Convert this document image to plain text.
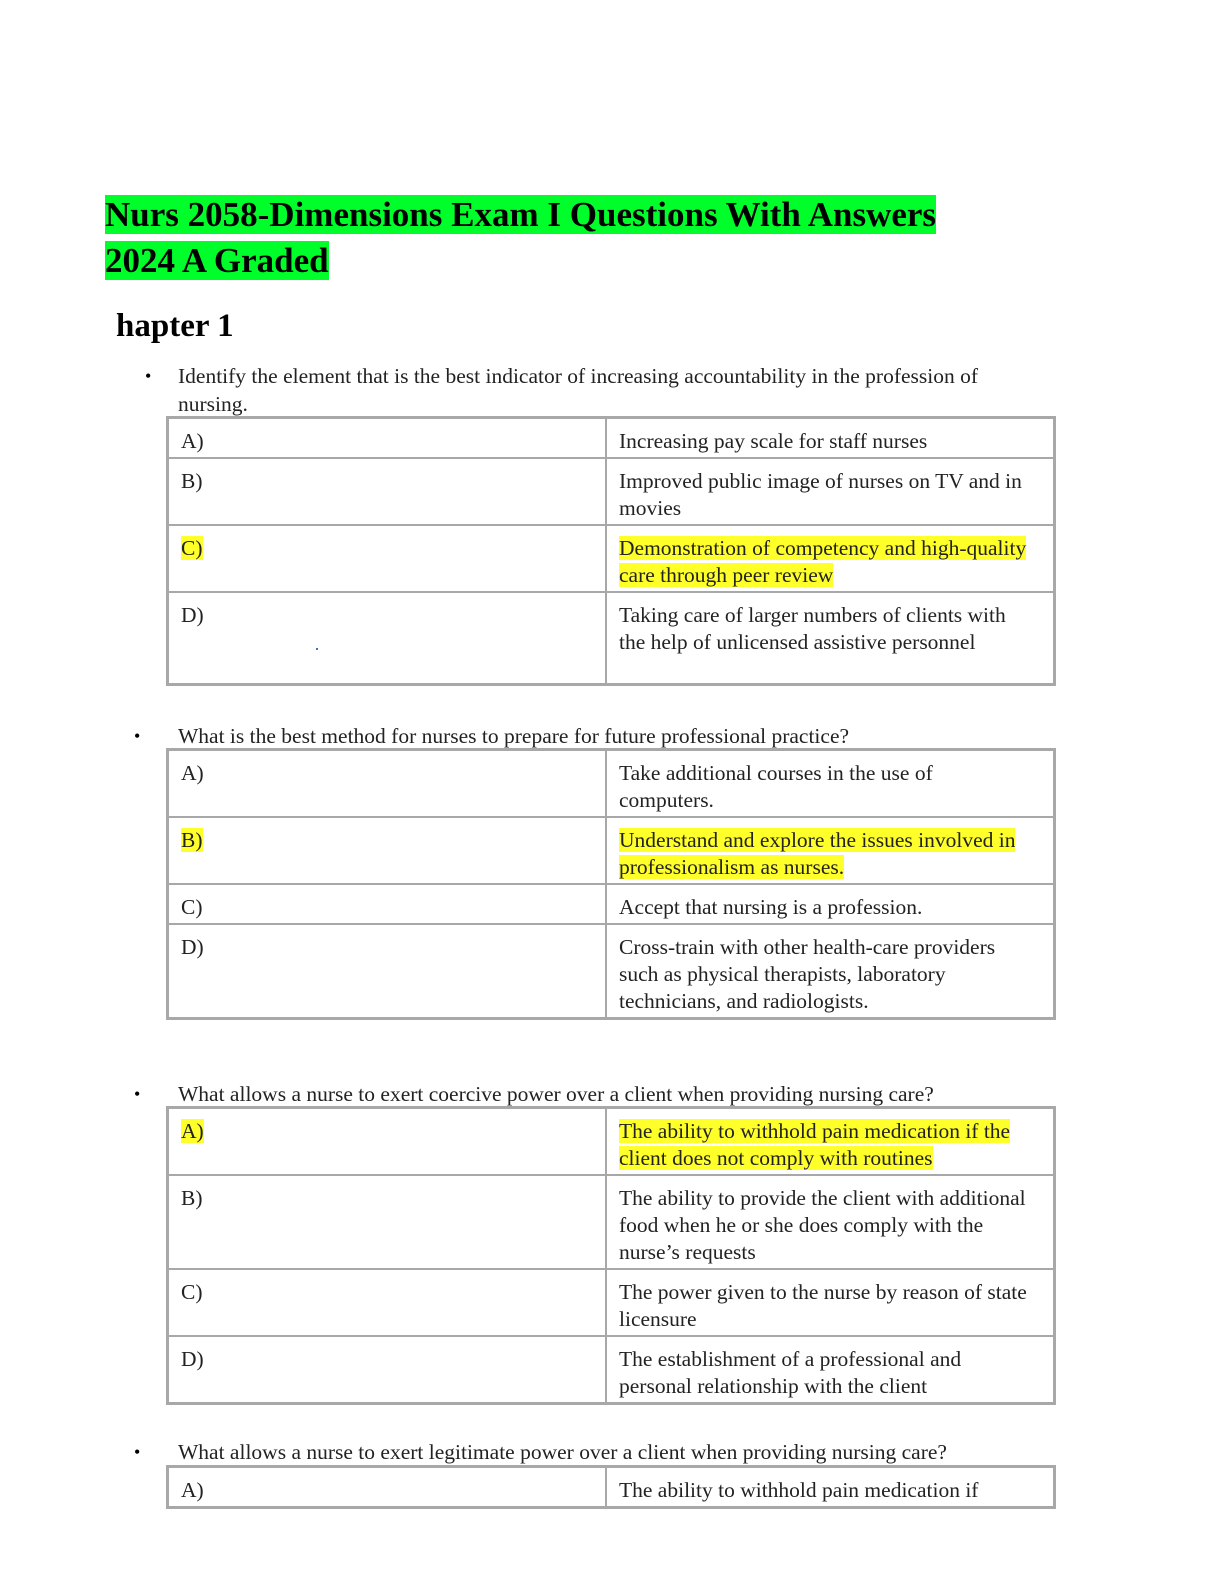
Nurs 2058-Dimensions Exam I Questions With Answers
2024 A Graded
hapter 1
• Identify the element that is the best indicator of increasing accountability in the profession of nursing.
A)	Increasing pay scale for staff nurses
B)	Improved public image of nurses on TV and in movies
C)	Demonstration of competency and high-quality care through peer review
D)	Taking care of larger numbers of clients with the help of unlicensed assistive personnel
• What is the best method for nurses to prepare for future professional practice?
A)	Take additional courses in the use of computers.
B)	Understand and explore the issues involved in professionalism as nurses.
C)	Accept that nursing is a profession.
D)	Cross-train with other health-care providers such as physical therapists, laboratory technicians, and radiologists.
• What allows a nurse to exert coercive power over a client when providing nursing care?
A)	The ability to withhold pain medication if the client does not comply with routines
B)	The ability to provide the client with additional food when he or she does comply with the nurse’s requests
C)	The power given to the nurse by reason of state licensure
D)	The establishment of a professional and personal relationship with the client
• What allows a nurse to exert legitimate power over a client when providing nursing care?
A)	The ability to withhold pain medication if
